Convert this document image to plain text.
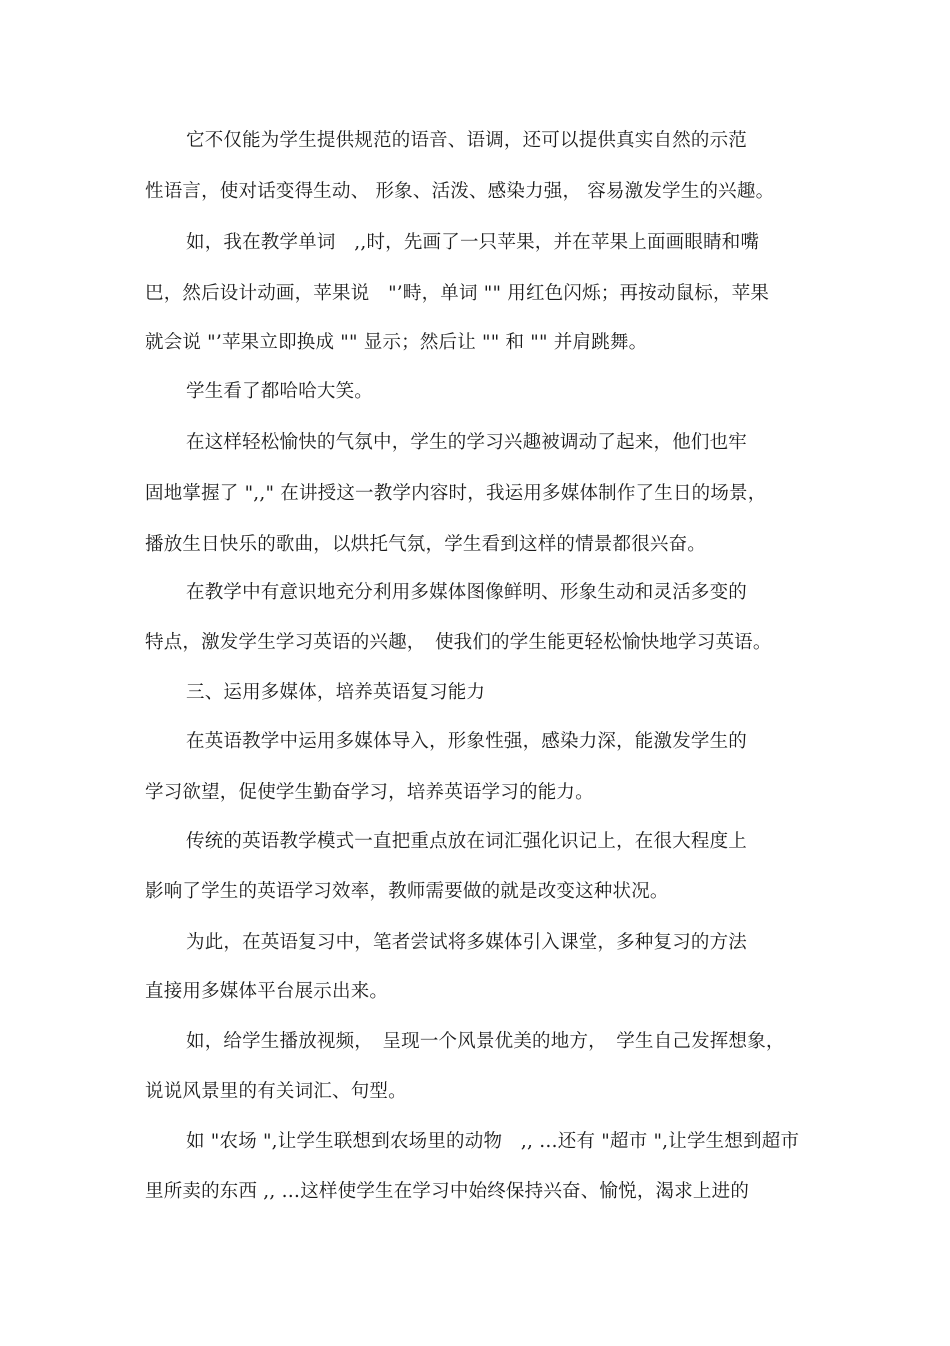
它不仅能为学生提供规范的语音、语调，还可以提供真实自然的示范
性语言，使对话变得生动、 形象、活泼、感染力强， 容易激发学生的兴趣。
如，我在教学单词　,,时，先画了一只苹果，并在苹果上面画眼睛和嘴
巴，然后设计动画，苹果说　"’畤，单词 "" 用红色闪烁；再按动鼠标，苹果
就会说 "’苹果立即换成 "" 显示；然后让 "" 和 "" 并肩跳舞。
学生看了都哈哈大笑。
在这样轻松愉快的气氛中，学生的学习兴趣被调动了起来，他们也牢
固地掌握了 ",," 在讲授这一教学内容时，我运用多媒体制作了生日的场景，
播放生日快乐的歌曲，以烘托气氛，学生看到这样的情景都很兴奋。
在教学中有意识地充分利用多媒体图像鲜明、形象生动和灵活多变的
特点，激发学生学习英语的兴趣，　使我们的学生能更轻松愉快地学习英语。
三、运用多媒体，培养英语复习能力
在英语教学中运用多媒体导入，形象性强，感染力深，能激发学生的
学习欲望，促使学生勤奋学习，培养英语学习的能力。
传统的英语教学模式一直把重点放在词汇强化识记上，在很大程度上
影响了学生的英语学习效率，教师需要做的就是改变这种状况。
为此，在英语复习中，笔者尝试将多媒体引入课堂，多种复习的方法
直接用多媒体平台展示出来。
如，给学生播放视频，　呈现一个风景优美的地方，　学生自己发挥想象，
说说风景里的有关词汇、句型。
如 "农场 ",让学生联想到农场里的动物　,, …还有 "超市 ",让学生想到超市
里所卖的东西 ,, …这样使学生在学习中始终保持兴奋、愉悦，渴求上进的
